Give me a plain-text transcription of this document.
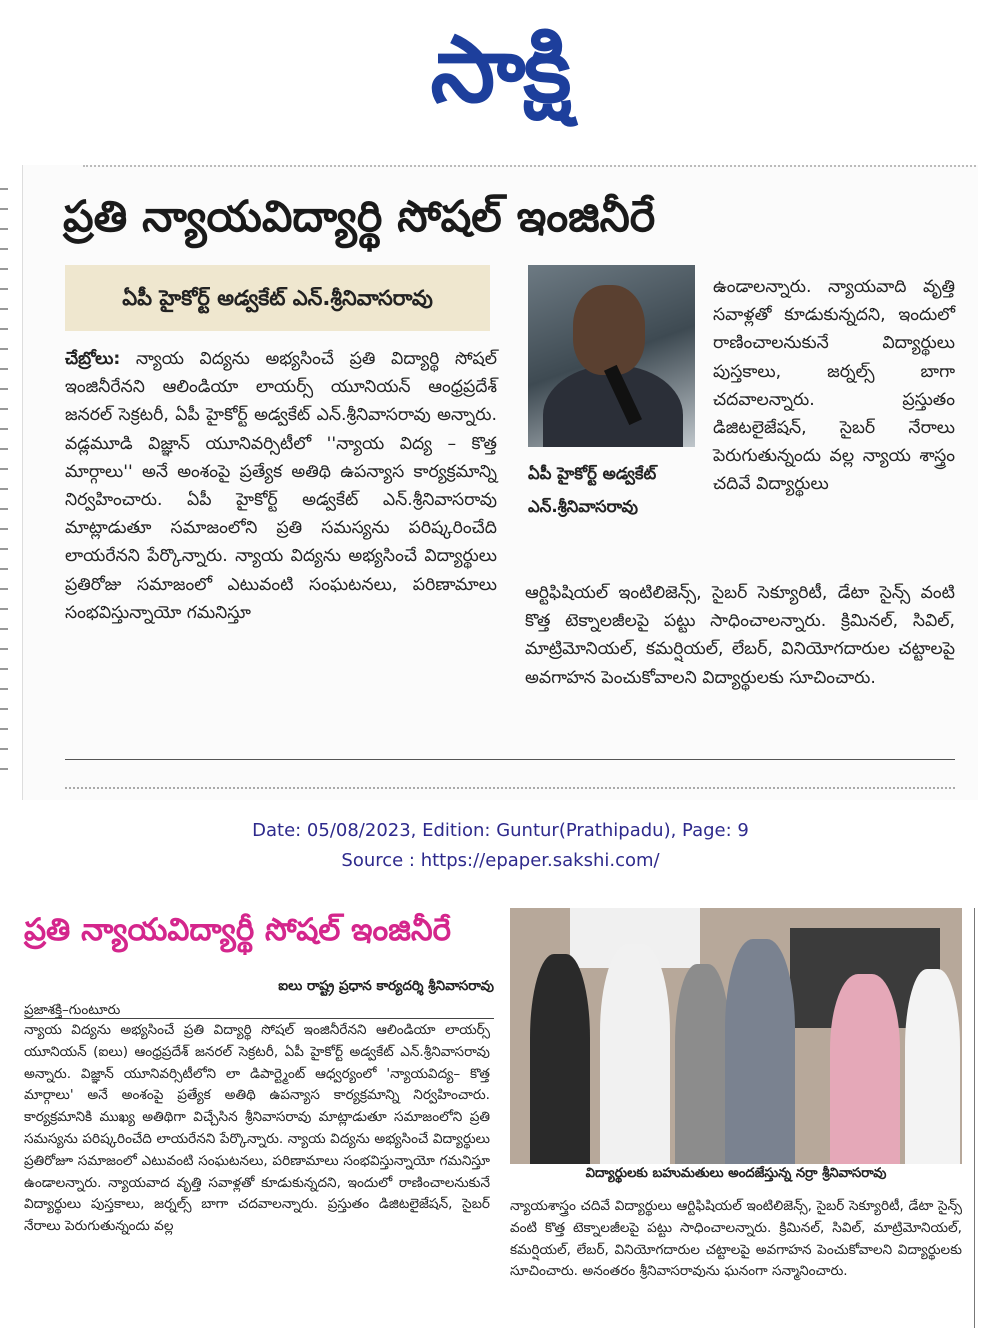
సాక్షి
ప్రతి న్యాయవిద్యార్థి సోషల్ ఇంజినీరే
ఏపీ హైకోర్ట్ అడ్వకేట్ ఎన్.శ్రీనివాసరావు

చేబ్రోలు: న్యాయ విద్యను అభ్యసించే ప్రతి విద్యార్థి సోషల్ ఇంజినీరేనని ఆలిండియా లాయర్స్ యూనియన్ ఆంధ్రప్రదేశ్ జనరల్ సెక్రటరీ, ఏపీ హైకోర్ట్ అడ్వకేట్ ఎన్.శ్రీనివాసరావు అన్నారు. వడ్లమూడి విజ్ఞాన్ యూనివర్సిటీలో ''న్యాయ విద్య – కొత్త మార్గాలు'' అనే అంశంపై ప్రత్యేక అతిథి ఉపన్యాస కార్యక్రమాన్ని నిర్వహించారు. ఏపీ హైకోర్ట్ అడ్వకేట్ ఎన్.శ్రీనివాసరావు మాట్లాడుతూ సమాజంలోని ప్రతి సమస్యను పరిష్కరించేది లాయరేనని పేర్కొన్నారు. న్యాయ విద్యను అభ్యసించే విద్యార్థులు ప్రతిరోజు సమాజంలో ఎటువంటి సంఘటనలు, పరిణామాలు సంభవిస్తున్నాయో గమనిస్తూ

ఏపీ హైకోర్ట్ అడ్వకేట్ ఎన్.శ్రీనివాసరావు

ఉండాలన్నారు. న్యాయవాది వృత్తి సవాళ్లతో కూడుకున్నదని, ఇందులో రాణించాలనుకునే విద్యార్థులు పుస్తకాలు, జర్నల్స్ బాగా చదవాలన్నారు. ప్రస్తుతం డిజిటలైజేషన్, సైబర్ నేరాలు పెరుగుతున్నందు వల్ల న్యాయ శాస్త్రం చదివే విద్యార్థులు

ఆర్టిఫిషియల్ ఇంటిలిజెన్స్, సైబర్ సెక్యూరిటీ, డేటా సైన్స్ వంటి కొత్త టెక్నాలజీలపై పట్టు సాధించాలన్నారు. క్రిమినల్, సివిల్, మాట్రిమోనియల్, కమర్షియల్, లేబర్, వినియోగదారుల చట్టాలపై అవగాహన పెంచుకోవాలని విద్యార్థులకు సూచించారు.

Date: 05/08/2023, Edition: Guntur(Prathipadu), Page: 9
Source : https://epaper.sakshi.com/
ప్రతి న్యాయవిద్యార్థీ సోషల్ ఇంజినీరే
ఐలు రాష్ట్ర ప్రధాన కార్యదర్శి శ్రీనివాసరావు
ప్రజాశక్తి–గుంటూరు

న్యాయ విద్యను అభ్యసించే ప్రతి విద్యార్థి సోషల్ ఇంజినీరేనని ఆలిండియా లాయర్స్ యూనియన్ (ఐలు) ఆంధ్రప్రదేశ్ జనరల్ సెక్రటరీ, ఏపీ హైకోర్ట్ అడ్వకేట్ ఎన్.శ్రీనివాసరావు అన్నారు. విజ్ఞాన్ యూనివర్సిటీలోని లా డిపార్ట్మెంట్ ఆధ్వర్యంలో 'న్యాయవిద్య– కొత్త మార్గాలు' అనే అంశంపై ప్రత్యేక అతిథి ఉపన్యాస కార్యక్రమాన్ని నిర్వహించారు. కార్యక్రమానికి ముఖ్య అతిథిగా విచ్చేసిన శ్రీనివాసరావు మాట్లాడుతూ సమాజంలోని ప్రతి సమస్యను పరిష్కరించేది లాయరేనని పేర్కొన్నారు. న్యాయ విద్యను అభ్యసించే విద్యార్థులు ప్రతిరోజూ సమాజంలో ఎటువంటి సంఘటనలు, పరిణామాలు సంభవిస్తున్నాయో గమనిస్తూ ఉండాలన్నారు. న్యాయవాద వృత్తి సవాళ్లతో కూడుకున్నదని, ఇందులో రాణించాలనుకునే విద్యార్థులు పుస్తకాలు, జర్నల్స్ బాగా చదవాలన్నారు. ప్రస్తుతం డిజిటలైజేషన్, సైబర్ నేరాలు పెరుగుతున్నందు వల్ల

విద్యార్థులకు బహుమతులు అందజేస్తున్న నర్రా శ్రీనివాసరావు

న్యాయశాస్త్రం చదివే విద్యార్థులు ఆర్టిఫిషియల్ ఇంటిలిజెన్స్, సైబర్ సెక్యూరిటీ, డేటా సైన్స్ వంటి కొత్త టెక్నాలజీలపై పట్టు సాధించాలన్నారు. క్రిమినల్, సివిల్, మాట్రిమోనియల్, కమర్షియల్, లేబర్, వినియోగదారుల చట్టాలపై అవగాహన పెంచుకోవాలని విద్యార్థులకు సూచించారు. అనంతరం శ్రీనివాసరావును ఘనంగా సన్మానించారు.
